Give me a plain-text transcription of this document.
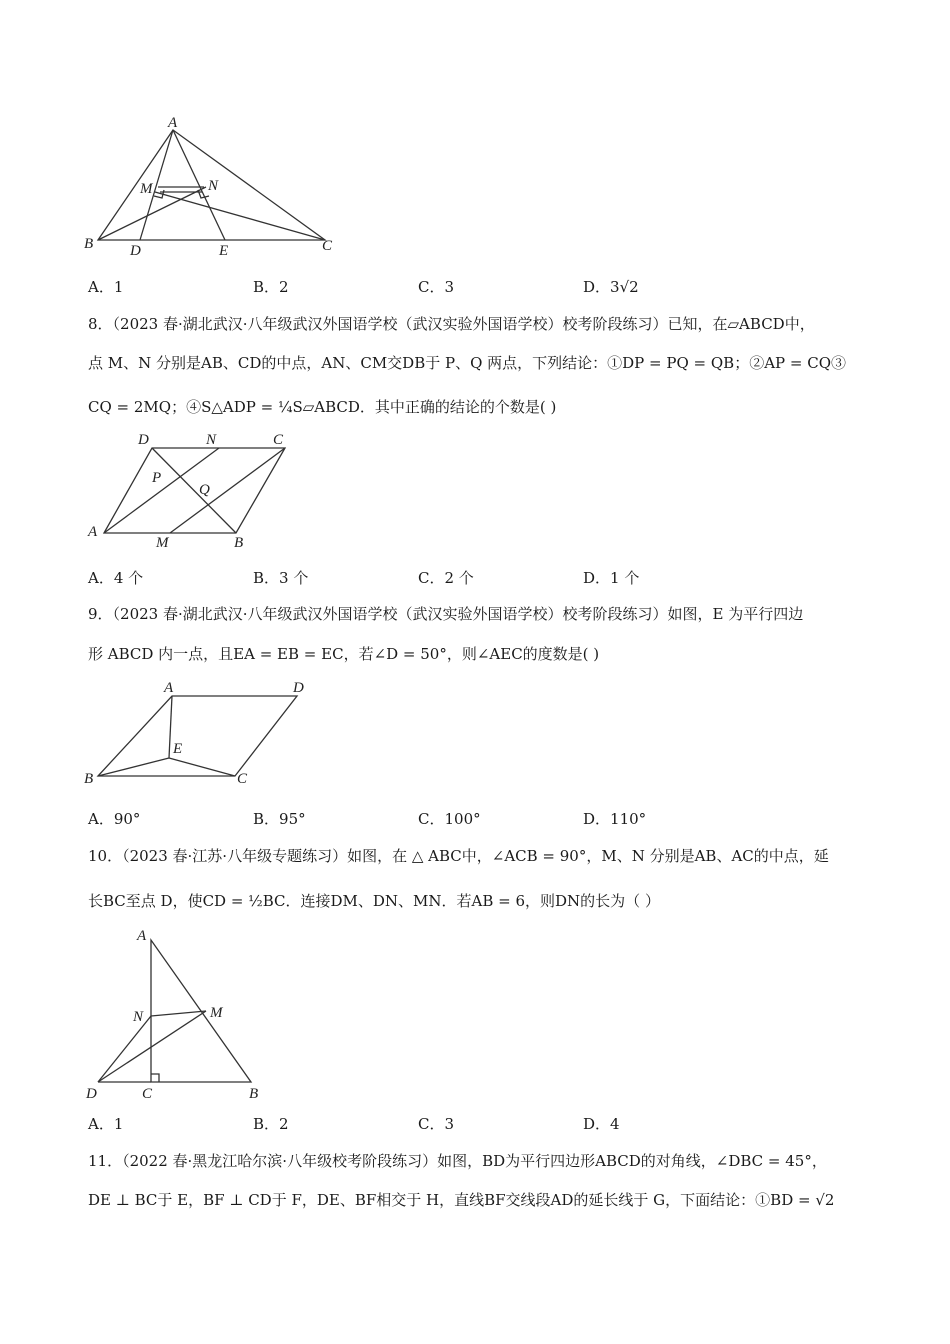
A
B	C
D	E
M	N
A．1	B．2	C．3	D．3√2
8．（2023 春·湖北武汉·八年级武汉外国语学校（武汉实验外国语学校）校考阶段练习）已知，在▱ABCD中，
点 M、N 分别是AB、CD的中点，AN、CM交DB于 P、Q 两点，下列结论：①DP = PQ = QB；②AP = CQ③
CQ = 2MQ；④S△ADP = ¼S▱ABCD．其中正确的结论的个数是( )
A
B
C
D
M
N
P
Q
A．4 个	B．3 个	C．2 个	D．1 个
9．（2023 春·湖北武汉·八年级武汉外国语学校（武汉实验外国语学校）校考阶段练习）如图，E 为平行四边
形 ABCD 内一点，且EA = EB = EC，若∠D = 50°，则∠AEC的度数是( )
A
B	C
D
E
A．90°	B．95°	C．100°	D．110°
10．（2023 春·江苏·八年级专题练习）如图，在 △ ABC中，∠ACB = 90°，M、N 分别是AB、AC的中点，延
长BC至点 D，使CD = ½BC．连接DM、DN、MN．若AB = 6，则DN的长为（ ）
A
B
C
D
M
N
A．1	B．2	C．3	D．4
11．（2022 春·黑龙江哈尔滨·八年级校考阶段练习）如图，BD为平行四边形ABCD的对角线，∠DBC = 45°，
DE ⊥ BC于 E，BF ⊥ CD于 F，DE、BF相交于 H，直线BF交线段AD的延长线于 G，下面结论：①BD = √2
